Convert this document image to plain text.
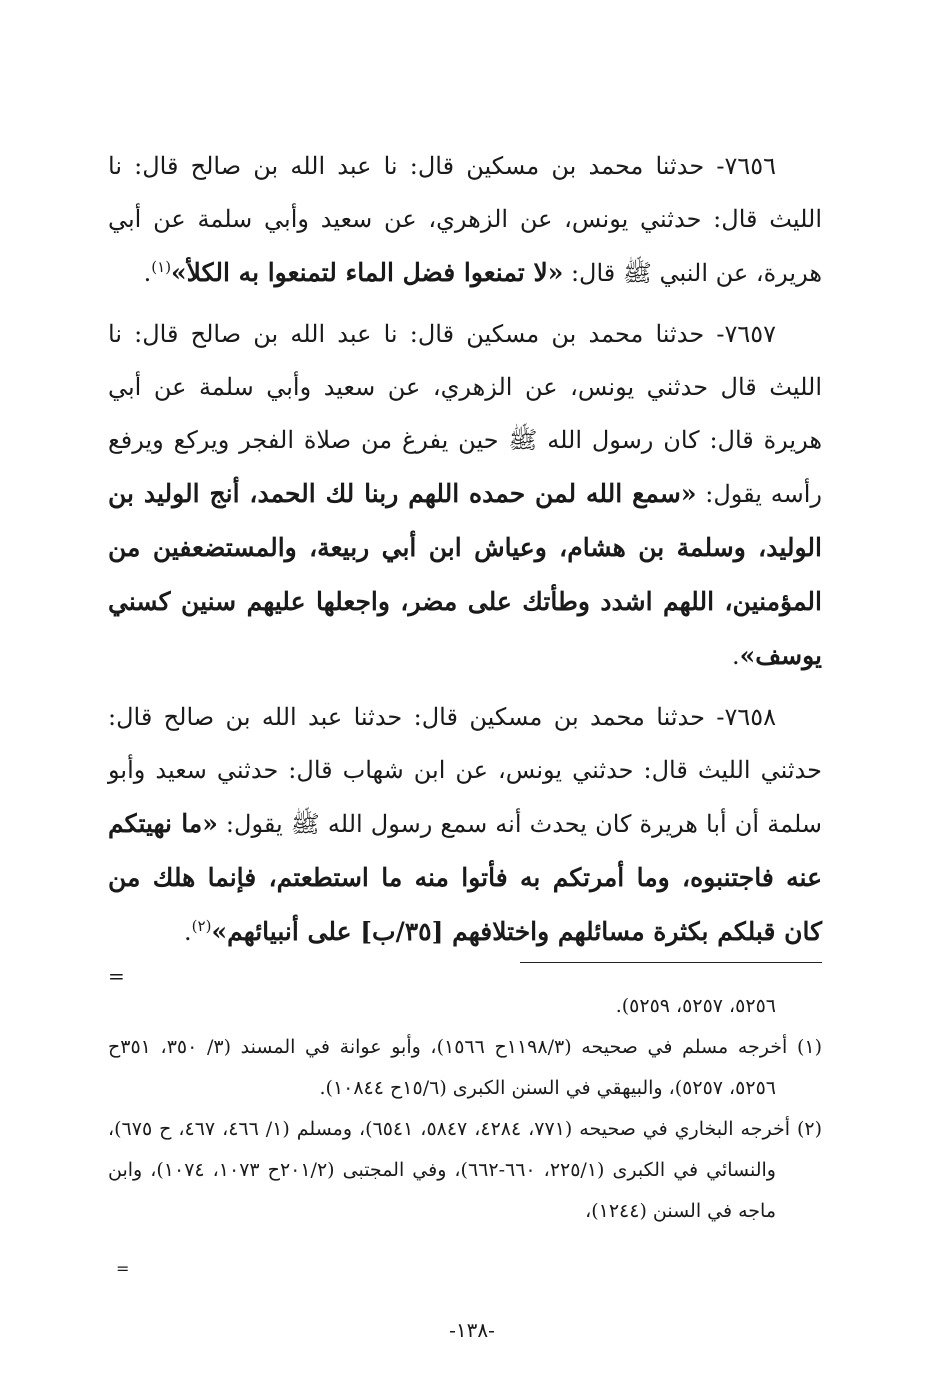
٧٦٥٦- حدثنا محمد بن مسكين قال: نا عبد الله بن صالح قال: نا الليث قال: حدثني يونس، عن الزهري، عن سعيد وأبي سلمة عن أبي هريرة، عن النبي ﷺ قال: «لا تمنعوا فضل الماء لتمنعوا به الكلأ»$^{(١)}$.

٧٦٥٧- حدثنا محمد بن مسكين قال: نا عبد الله بن صالح قال: نا الليث قال حدثني يونس، عن الزهري، عن سعيد وأبي سلمة عن أبي هريرة قال: كان رسول الله ﷺ حين يفرغ من صلاة الفجر ويركع ويرفع رأسه يقول: «سمع الله لمن حمده اللهم ربنا لك الحمد، أنج الوليد بن الوليد، وسلمة بن هشام، وعياش ابن أبي ربيعة، والمستضعفين من المؤمنين، اللهم اشدد وطأتك على مضر، واجعلها عليهم سنين كسني يوسف».

٧٦٥٨- حدثنا محمد بن مسكين قال: حدثنا عبد الله بن صالح قال: حدثني الليث قال: حدثني يونس، عن ابن شهاب قال: حدثني سعيد وأبو سلمة أن أبا هريرة كان يحدث أنه سمع رسول الله ﷺ يقول: «ما نهيتكم عنه فاجتنبوه، وما أمرتكم به فأتوا منه ما استطعتم، فإنما هلك من كان قبلكم بكثرة مسائلهم واختلافهم [٣٥/ب] على أنبيائهم»$^{(٢)}$.

=

٥٢٥٦، ٥٢٥٧، ٥٢٥٩).

(١) أخرجه مسلم في صحيحه (١١٩٨/٣ح ١٥٦٦)، وأبو عوانة في المسند (٣/ ٣٥٠، ٣٥١ح ٥٢٥٦، ٥٢٥٧)، والبيهقي في السنن الكبرى (١٥/٦ح ١٠٨٤٤).

(٢) أخرجه البخاري في صحيحه (٧٧١، ٤٢٨٤، ٥٨٤٧، ٦٥٤١)، ومسلم (١/ ٤٦٦، ٤٦٧، ح ٦٧٥)، والنسائي في الكبرى (٢٢٥/١، ٦٦٠-٦٦٢)، وفي المجتبى (٢٠١/٢ح ١٠٧٣، ١٠٧٤)، وابن ماجه في السنن (١٢٤٤)،

=
-١٣٨-
